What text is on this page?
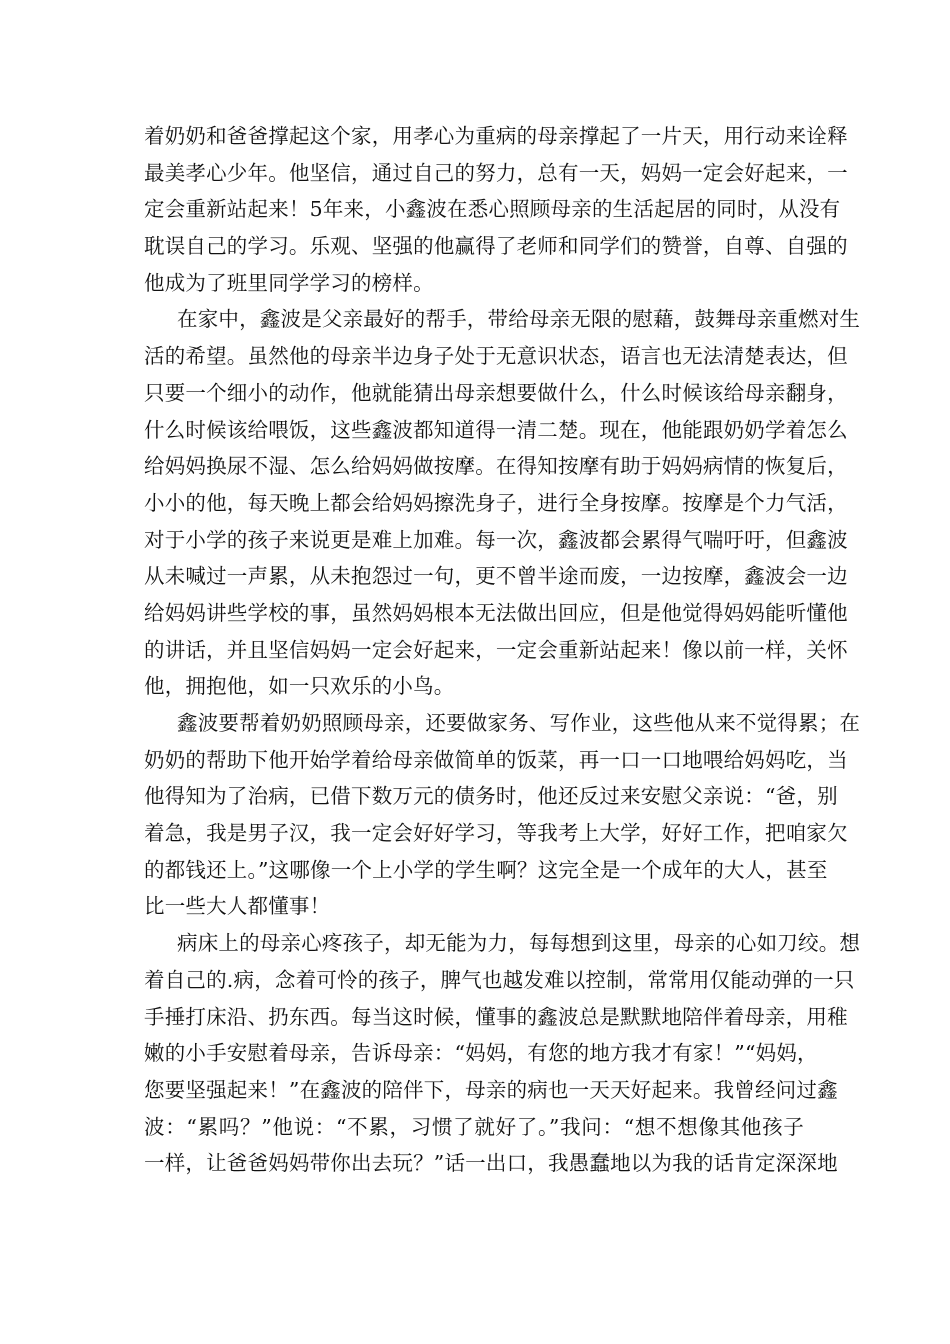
着奶奶和爸爸撑起这个家，用孝心为重病的母亲撑起了一片天，用行动来诠释
最美孝心少年。他坚信，通过自己的努力，总有一天，妈妈一定会好起来，一
定会重新站起来！5年来，小鑫波在悉心照顾母亲的生活起居的同时，从没有
耽误自己的学习。乐观、坚强的他赢得了老师和同学们的赞誉，自尊、自强的
他成为了班里同学学习的榜样。
在家中，鑫波是父亲最好的帮手，带给母亲无限的慰藉，鼓舞母亲重燃对生
活的希望。虽然他的母亲半边身子处于无意识状态，语言也无法清楚表达，但
只要一个细小的动作，他就能猜出母亲想要做什么，什么时候该给母亲翻身，
什么时候该给喂饭，这些鑫波都知道得一清二楚。现在，他能跟奶奶学着怎么
给妈妈换尿不湿、怎么给妈妈做按摩。在得知按摩有助于妈妈病情的恢复后，
小小的他，每天晚上都会给妈妈擦洗身子，进行全身按摩。按摩是个力气活，
对于小学的孩子来说更是难上加难。每一次，鑫波都会累得气喘吁吁，但鑫波
从未喊过一声累，从未抱怨过一句，更不曾半途而废，一边按摩，鑫波会一边
给妈妈讲些学校的事，虽然妈妈根本无法做出回应，但是他觉得妈妈能听懂他
的讲话，并且坚信妈妈一定会好起来，一定会重新站起来！像以前一样，关怀
他，拥抱他，如一只欢乐的小鸟。
鑫波要帮着奶奶照顾母亲，还要做家务、写作业，这些他从来不觉得累；在
奶奶的帮助下他开始学着给母亲做简单的饭菜，再一口一口地喂给妈妈吃，当
他得知为了治病，已借下数万元的债务时，他还反过来安慰父亲说：“爸，别
着急，我是男子汉，我一定会好好学习，等我考上大学，好好工作，把咱家欠
的都钱还上。”这哪像一个上小学的学生啊？这完全是一个成年的大人，甚至
比一些大人都懂事！
病床上的母亲心疼孩子，却无能为力，每每想到这里，母亲的心如刀绞。想
着自己的.病，念着可怜的孩子，脾气也越发难以控制，常常用仅能动弹的一只
手捶打床沿、扔东西。每当这时候，懂事的鑫波总是默默地陪伴着母亲，用稚
嫩的小手安慰着母亲，告诉母亲：“妈妈，有您的地方我才有家！”“妈妈，
您要坚强起来！”在鑫波的陪伴下，母亲的病也一天天好起来。我曾经问过鑫
波：“累吗？”他说：“不累，习惯了就好了。”我问：“想不想像其他孩子
一样，让爸爸妈妈带你出去玩？”话一出口，我愚蠢地以为我的话肯定深深地
